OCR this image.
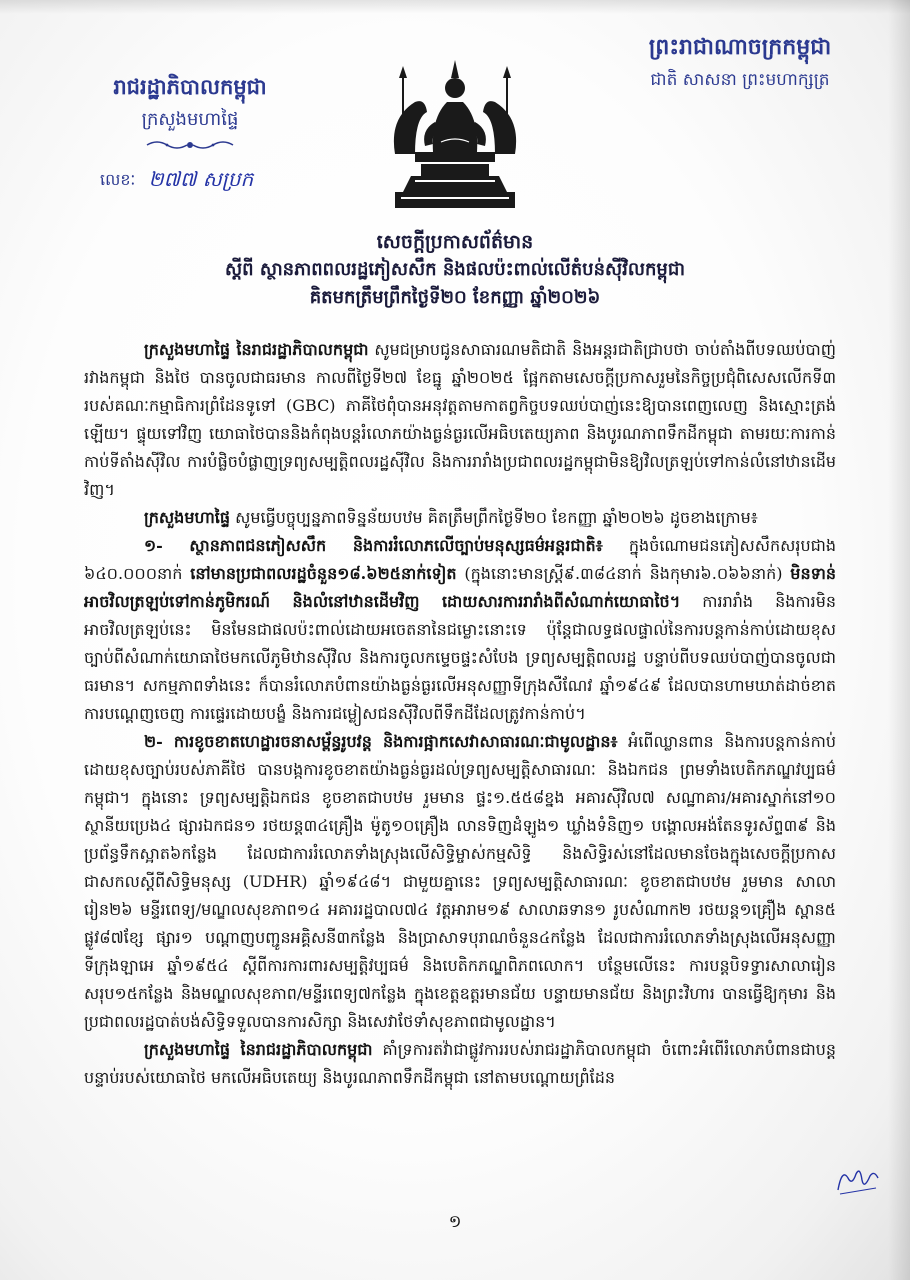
ព្រះរាជាណាចក្រកម្ពុជា
ជាតិ សាសនា ព្រះមហាក្សត្រ
រាជរដ្ឋាភិបាលកម្ពុជា
ក្រសួងមហាផ្ទៃ
លេខៈ ២៧៧ សប្រក
សេចក្តីប្រកាសព័ត៌មាន
ស្តីពី ស្ថានភាពពលរដ្ឋភៀសសឹក និងផលប៉ះពាល់លើតំបន់ស៊ីវិលកម្ពុជា
គិតមកត្រឹមព្រឹកថ្ងៃទី២០ ខែកញ្ញា ឆ្នាំ២០២៦

ក្រសួងមហាផ្ទៃ នៃរាជរដ្ឋាភិបាលកម្ពុជា សូមជម្រាបជូនសាធារណមតិជាតិ និងអន្តរជាតិជ្រាបថា ចាប់តាំងពីបទឈប់បាញ់រវាងកម្ពុជា និងថៃ បានចូលជាធរមាន កាលពីថ្ងៃទី២៧ ខែធ្នូ ឆ្នាំ២០២៥ ផ្អែកតាមសេចក្តីប្រកាសរួមនៃកិច្ចប្រជុំពិសេសលើកទី៣ របស់គណៈកម្មាធិការព្រំដែនទូទៅ (GBC) ភាគីថៃពុំបានអនុវត្តតាមកាតព្វកិច្ចបទឈប់បាញ់នេះឱ្យបានពេញលេញ និងស្មោះត្រង់ឡើយ។ ផ្ទុយទៅវិញ យោធាថៃបាននិងកំពុងបន្តរំលោភយ៉ាងធ្ងន់ធ្ងរលើអធិបតេយ្យភាព និងបូរណភាពទឹកដីកម្ពុជា តាមរយៈការកាន់កាប់ទីតាំងស៊ីវិល ការបំផ្លិចបំផ្លាញទ្រព្យសម្បត្តិពលរដ្ឋស៊ីវិល និងការរារាំងប្រជាពលរដ្ឋកម្ពុជាមិនឱ្យវិលត្រឡប់ទៅកាន់លំនៅឋានដើមវិញ។

ក្រសួងមហាផ្ទៃ សូមធ្វើបច្ចុប្បន្នភាពទិន្នន័យបឋម គិតត្រឹមព្រឹកថ្ងៃទី២០ ខែកញ្ញា ឆ្នាំ២០២៦ ដូចខាងក្រោម៖

១- ស្ថានភាពជនភៀសសឹក និងការរំលោភលើច្បាប់មនុស្សធម៌អន្តរជាតិ៖ ក្នុងចំណោមជនភៀសសឹកសរុបជាង ៦៤០.០០០នាក់ នៅមានប្រជាពលរដ្ឋចំនួន១៨.៦២៥នាក់ទៀត (ក្នុងនោះមានស្ត្រី៩.៣៨៤នាក់ និងកុមារ៦.០៦៦នាក់) មិនទាន់អាចវិលត្រឡប់ទៅកាន់ភូមិករណ៍ និងលំនៅឋានដើមវិញ ដោយសារការរារាំងពីសំណាក់យោធាថៃ។ ការរារាំង និងការមិនអាចវិលត្រឡប់នេះ មិនមែនជាផលប៉ះពាល់ដោយអចេតនានៃជម្លោះនោះទេ ប៉ុន្តែជាលទ្ធផលផ្ទាល់នៃការបន្តកាន់កាប់ដោយខុសច្បាប់ពីសំណាក់យោធាថៃមកលើភូមិឋានស៊ីវិល និងការចូលកម្ទេចផ្ទះសំបែង ទ្រព្យសម្បត្តិពលរដ្ឋ បន្ទាប់ពីបទឈប់បាញ់បានចូលជាធរមាន។ សកម្មភាពទាំងនេះ ក៏បានរំលោភបំពានយ៉ាងធ្ងន់ធ្ងរលើអនុសញ្ញាទីក្រុងសឺណែវ ឆ្នាំ១៩៤៩ ដែលបានហាមឃាត់ដាច់ខាតការបណ្តេញចេញ ការផ្ទេរដោយបង្ខំ និងការជម្លៀសជនស៊ីវិលពីទឹកដីដែលត្រូវកាន់កាប់។

២- ការខូចខាតហេដ្ឋារចនាសម្ព័ន្ធរូបវន្ត និងការផ្អាកសេវាសាធារណៈជាមូលដ្ឋាន៖ អំពើឈ្លានពាន និងការបន្តកាន់កាប់ដោយខុសច្បាប់របស់ភាគីថៃ បានបង្កការខូចខាតយ៉ាងធ្ងន់ធ្ងរដល់ទ្រព្យសម្បត្តិសាធារណៈ និងឯកជន ព្រមទាំងបេតិកភណ្ឌវប្បធម៌កម្ពុជា។ ក្នុងនោះ ទ្រព្យសម្បត្តិឯកជន ខូចខាតជាបឋម រួមមាន ផ្ទះ១.៥៥៨ខ្នង អគារស៊ីវិល៧ សណ្ឋាគារ/អគារស្នាក់នៅ១០ ស្ថានីយប្រេង៤ ផ្សារឯកជន១ រថយន្ត៣៤គ្រឿង ម៉ូតូ១០គ្រឿង លានទិញដំឡូង១ ឃ្លាំងទំនិញ១ បង្គោលអង់តែនទូរស័ព្ទ៣៩ និងប្រព័ន្ធទឹកស្អាត៦កន្លែង ដែលជាការរំលោភទាំងស្រុងលើសិទ្ធិម្ចាស់កម្មសិទ្ធិ និងសិទ្ធិរស់នៅដែលមានចែងក្នុងសេចក្តីប្រកាសជាសកលស្តីពីសិទ្ធិមនុស្ស (UDHR) ឆ្នាំ១៩៤៨។ ជាមួយគ្នានេះ ទ្រព្យសម្បត្តិសាធារណៈ ខូចខាតជាបឋម រួមមាន សាលារៀន២៦ មន្ទីរពេទ្យ/មណ្ឌលសុខភាព១៤ អគាររដ្ឋបាល៧៤ វត្តអារាម១៩ សាលាឆទាន១ រូបសំណាក២ រថយន្ត១គ្រឿង ស្ពាន៥ ផ្លូវ៨៧ខ្សែ ផ្សារ១ បណ្តាញបញ្ជូនអគ្គិសនី៣កន្លែង និងប្រាសាទបុរាណចំនួន៤កន្លែង ដែលជាការរំលោភទាំងស្រុងលើអនុសញ្ញាទីក្រុងឡាអេ ឆ្នាំ១៩៥៤ ស្តីពីការការពារសម្បត្តិវប្បធម៌ និងបេតិកភណ្ឌពិភពលោក។ បន្ថែមលើនេះ ការបន្តបិទទ្វារសាលារៀនសរុប១៥កន្លែង និងមណ្ឌលសុខភាព/មន្ទីរពេទ្យ៧កន្លែង ក្នុងខេត្តឧត្តរមានជ័យ បន្ទាយមានជ័យ និងព្រះវិហារ បានធ្វើឱ្យកុមារ និងប្រជាពលរដ្ឋបាត់បង់សិទ្ធិទទួលបានការសិក្សា និងសេវាថែទាំសុខភាពជាមូលដ្ឋាន។

ក្រសួងមហាផ្ទៃ នៃរាជរដ្ឋាភិបាលកម្ពុជា គាំទ្រការតវ៉ាជាផ្លូវការរបស់រាជរដ្ឋាភិបាលកម្ពុជា ចំពោះអំពើរំលោភបំពានជាបន្តបន្ទាប់របស់យោធាថៃ មកលើអធិបតេយ្យ និងបូរណភាពទឹកដីកម្ពុជា នៅតាមបណ្តោយព្រំដែន

១
